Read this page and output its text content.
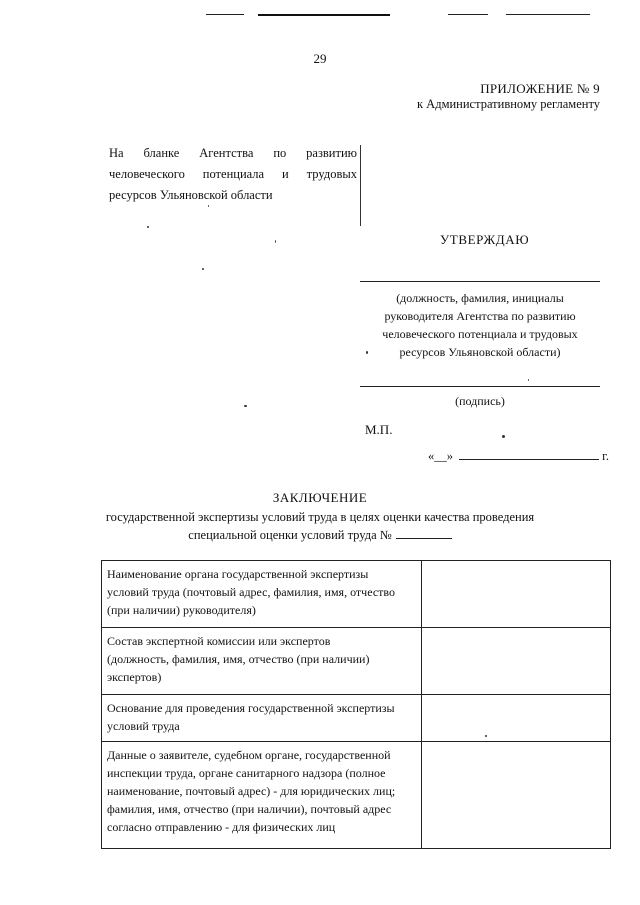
29
ПРИЛОЖЕНИЕ № 9
к Административному регламенту
На бланке Агентства по развитию
человеческого потенциала и трудовых
ресурсов Ульяновской области
УТВЕРЖДАЮ
(должность, фамилия, инициалы
руководителя Агентства по развитию
человеческого потенциала и трудовых
ресурсов Ульяновской области)
(подпись)
М.П.
«__»	г.
ЗАКЛЮЧЕНИЕ
государственной экспертизы условий труда в целях оценки качества проведения
специальной оценки условий труда №
Наименование органа государственной экспертизы
условий труда (почтовый адрес, фамилия, имя, отчество
(при наличии) руководителя)	

Состав экспертной комиссии или экспертов
(должность, фамилия, имя, отчество (при наличии)
экспертов)	

Основание для проведения государственной экспертизы
условий труда	

Данные о заявителе, судебном органе, государственной
инспекции труда, органе санитарного надзора (полное
наименование, почтовый адрес) - для юридических лиц;
фамилия, имя, отчество (при наличии), почтовый адрес
согласно отправлению - для физических лиц	
